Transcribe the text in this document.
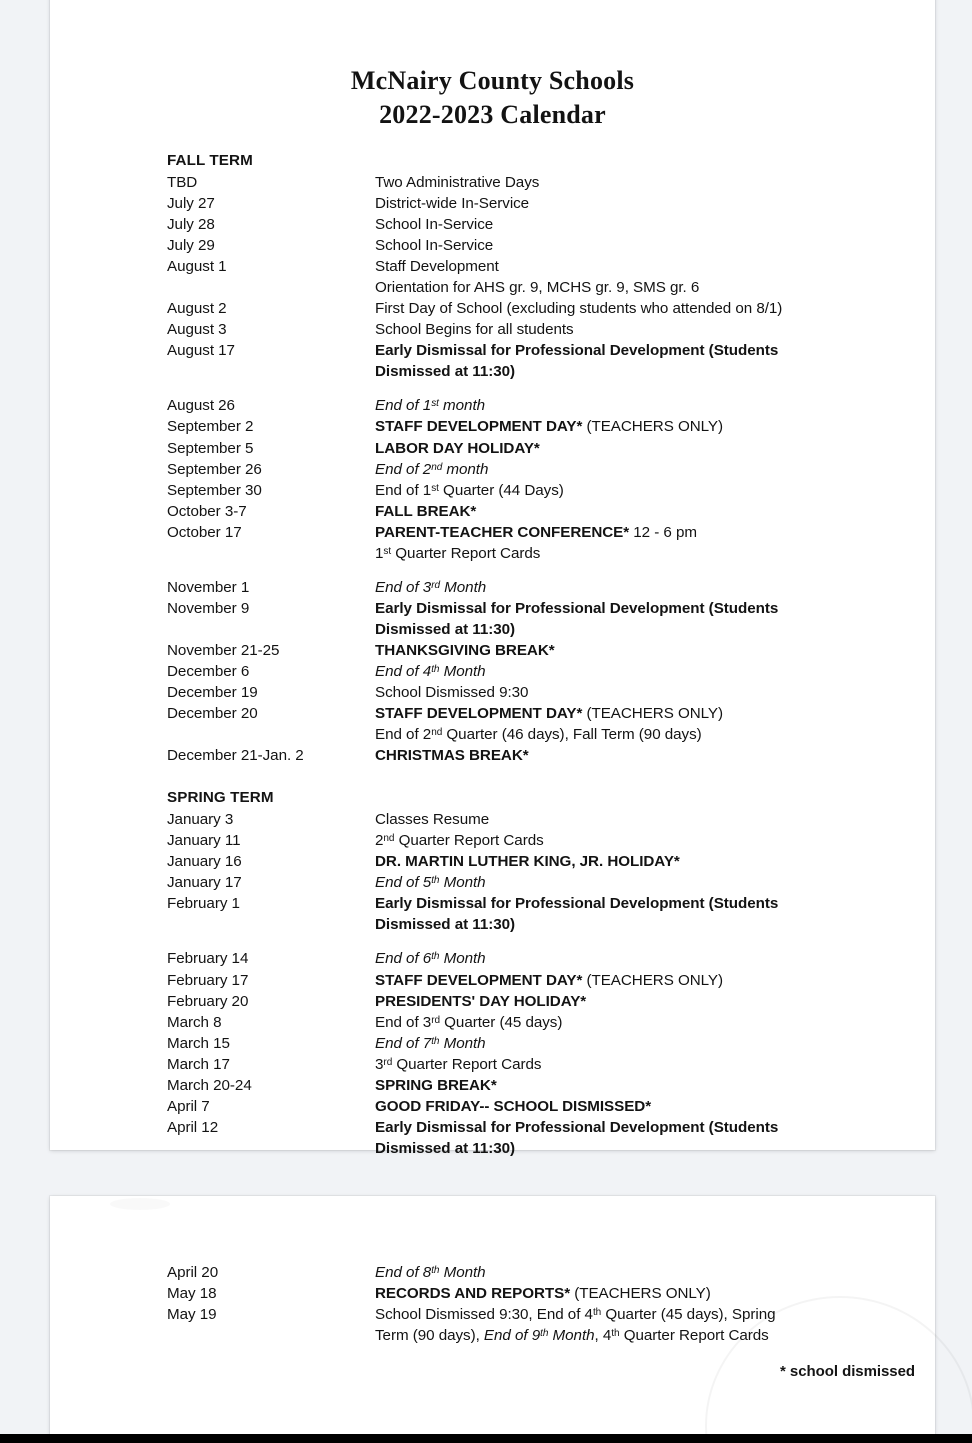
McNairy County Schools
2022-2023 Calendar
FALL TERM
TBD	Two Administrative Days
July 27	District-wide In-Service
July 28	School In-Service
July 29	School In-Service
August 1	Staff Development
Orientation for AHS gr. 9, MCHS gr. 9, SMS gr. 6
August 2	First Day of School (excluding students who attended on 8/1)
August 3	School Begins for all students
August 17	Early Dismissal for Professional Development (Students
Dismissed at 11:30)
August 26	End of 1st month
September 2	STAFF DEVELOPMENT DAY* (TEACHERS ONLY)
September 5	LABOR DAY HOLIDAY*
September 26	End of 2nd month
September 30	End of 1st Quarter (44 Days)
October 3-7	FALL BREAK*
October 17	PARENT-TEACHER CONFERENCE* 12 - 6 pm
1st Quarter Report Cards
November 1	End of 3rd Month
November 9	Early Dismissal for Professional Development (Students
Dismissed at 11:30)
November 21-25	THANKSGIVING BREAK*
December 6	End of 4th Month
December 19	School Dismissed 9:30
December 20	STAFF DEVELOPMENT DAY* (TEACHERS ONLY)
End of 2nd Quarter (46 days), Fall Term (90 days)
December 21-Jan. 2	CHRISTMAS BREAK*
SPRING TERM
January 3	Classes Resume
January 11	2nd Quarter Report Cards
January 16	DR. MARTIN LUTHER KING, JR. HOLIDAY*
January 17	End of 5th Month
February 1	Early Dismissal for Professional Development (Students
Dismissed at 11:30)
February 14	End of 6th Month
February 17	STAFF DEVELOPMENT DAY* (TEACHERS ONLY)
February 20	PRESIDENTS' DAY HOLIDAY*
March 8	End of 3rd Quarter (45 days)
March 15	End of 7th Month
March 17	3rd Quarter Report Cards
March 20-24	SPRING BREAK*
April 7	GOOD FRIDAY-- SCHOOL DISMISSED*
April 12	Early Dismissal for Professional Development (Students
Dismissed at 11:30)
April 20	End of 8th Month
May 18	RECORDS AND REPORTS* (TEACHERS ONLY)
May 19	School Dismissed 9:30, End of 4th Quarter (45 days), Spring
Term (90 days), End of 9th Month, 4th Quarter Report Cards
* school dismissed
